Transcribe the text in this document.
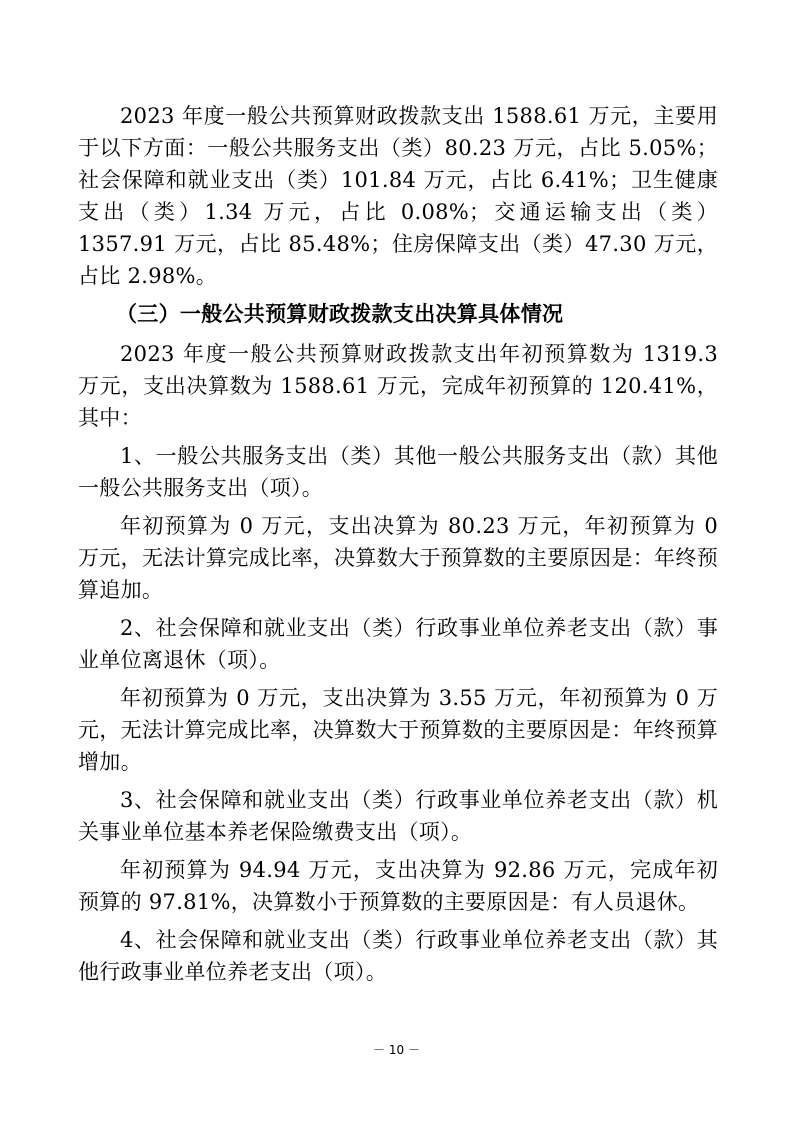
2023 年度一般公共预算财政拨款支出 1588.61 万元，主要用于以下方面：一般公共服务支出（类）80.23 万元，占比 5.05%；社会保障和就业支出（类）101.84 万元，占比 6.41%；卫生健康支出（类）1.34 万元，占比 0.08%；交通运输支出（类）1357.91 万元，占比 85.48%；住房保障支出（类）47.30 万元，占比 2.98%。

（三）一般公共预算财政拨款支出决算具体情况

2023 年度一般公共预算财政拨款支出年初预算数为 1319.3 万元，支出决算数为 1588.61 万元，完成年初预算的 120.41%，其中：

1、一般公共服务支出（类）其他一般公共服务支出（款）其他一般公共服务支出（项）。

年初预算为 0 万元，支出决算为 80.23 万元，年初预算为 0 万元，无法计算完成比率，决算数大于预算数的主要原因是：年终预算追加。

2、社会保障和就业支出（类）行政事业单位养老支出（款）事业单位离退休（项）。

年初预算为 0 万元，支出决算为 3.55 万元，年初预算为 0 万元，无法计算完成比率，决算数大于预算数的主要原因是：年终预算增加。

3、社会保障和就业支出（类）行政事业单位养老支出（款）机关事业单位基本养老保险缴费支出（项）。

年初预算为 94.94 万元，支出决算为 92.86 万元，完成年初预算的 97.81%，决算数小于预算数的主要原因是：有人员退休。

4、社会保障和就业支出（类）行政事业单位养老支出（款）其他行政事业单位养老支出（项）。

－ 10 －
